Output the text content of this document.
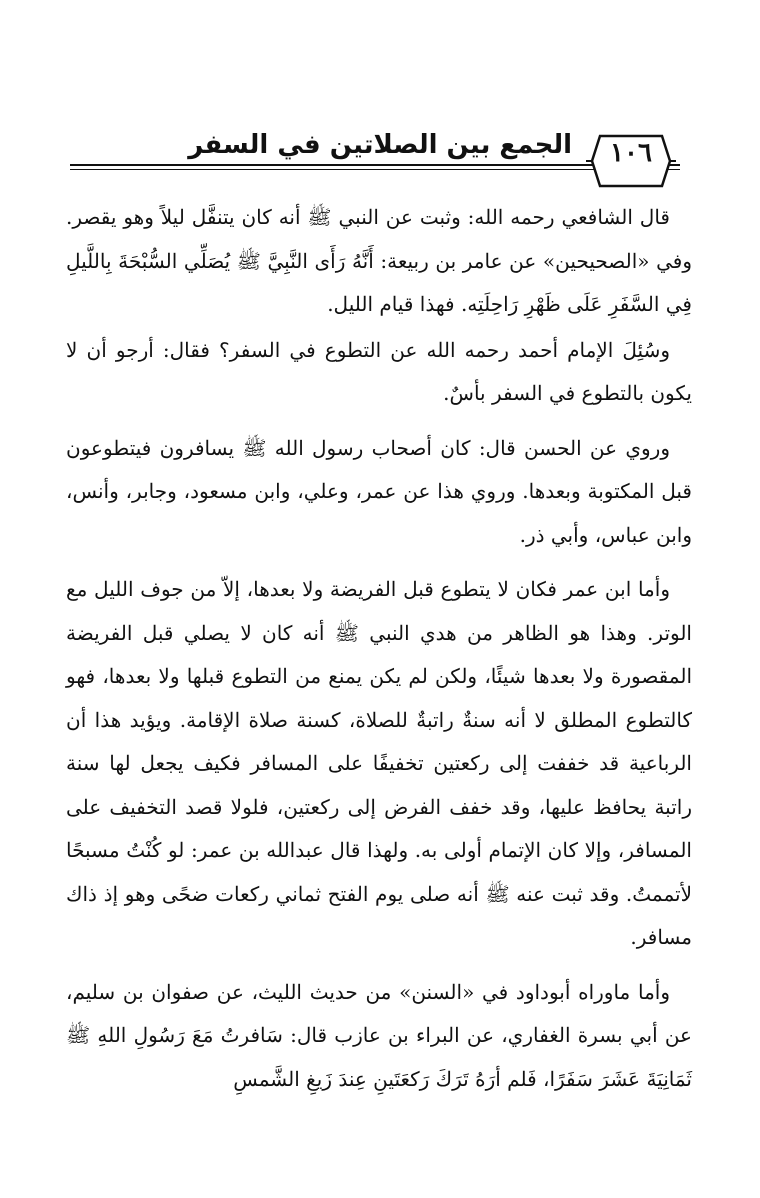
١٠٦
الجمع بين الصلاتين في السفر

قال الشافعي رحمه الله: وثبت عن النبي ﷺ أنه كان يتنفَّل ليلاً وهو يقصر. وفي «الصحيحين» عن عامر بن ربيعة: أَنَّهُ رَأَى النَّبِيَّ ﷺ يُصَلِّي السُّبْحَةَ بِاللَّيلِ فِي السَّفَرِ عَلَى ظَهْرِ رَاحِلَتِه. فهذا قيام الليل.

وسُئِلَ الإمام أحمد رحمه الله عن التطوع في السفر؟ فقال: أرجو أن لا يكون بالتطوع في السفر بأسٌ.

وروي عن الحسن قال: كان أصحاب رسول الله ﷺ يسافرون فيتطوعون قبل المكتوبة وبعدها. وروي هذا عن عمر، وعلي، وابن مسعود، وجابر، وأنس، وابن عباس، وأبي ذر.

وأما ابن عمر فكان لا يتطوع قبل الفريضة ولا بعدها، إلاّ من جوف الليل مع الوتر. وهذا هو الظاهر من هدي النبي ﷺ أنه كان لا يصلي قبل الفريضة المقصورة ولا بعدها شيئًا، ولكن لم يكن يمنع من التطوع قبلها ولا بعدها، فهو كالتطوع المطلق لا أنه سنةٌ راتبةٌ للصلاة، كسنة صلاة الإقامة. ويؤيد هذا أن الرباعية قد خففت إلى ركعتين تخفيفًا على المسافر فكيف يجعل لها سنة راتبة يحافظ عليها، وقد خفف الفرض إلى ركعتين، فلولا قصد التخفيف على المسافر، وإلا كان الإتمام أولى به. ولهذا قال عبدالله بن عمر: لو كُنْتُ مسبحًا لأتممتُ. وقد ثبت عنه ﷺ أنه صلى يوم الفتح ثماني ركعات ضحًى وهو إذ ذاك مسافر.

وأما ماوراه أبوداود في «السنن» من حديث الليث، عن صفوان بن سليم، عن أبي بسرة الغفاري، عن البراء بن عازب قال: سَافرتُ مَعَ رَسُولِ اللهِ ﷺ ثَمَانِيَةَ عَشَرَ سَفَرًا، فَلم أرَهُ تَرَكَ رَكعَتَينِ عِندَ زَيغِ الشَّمسِ
